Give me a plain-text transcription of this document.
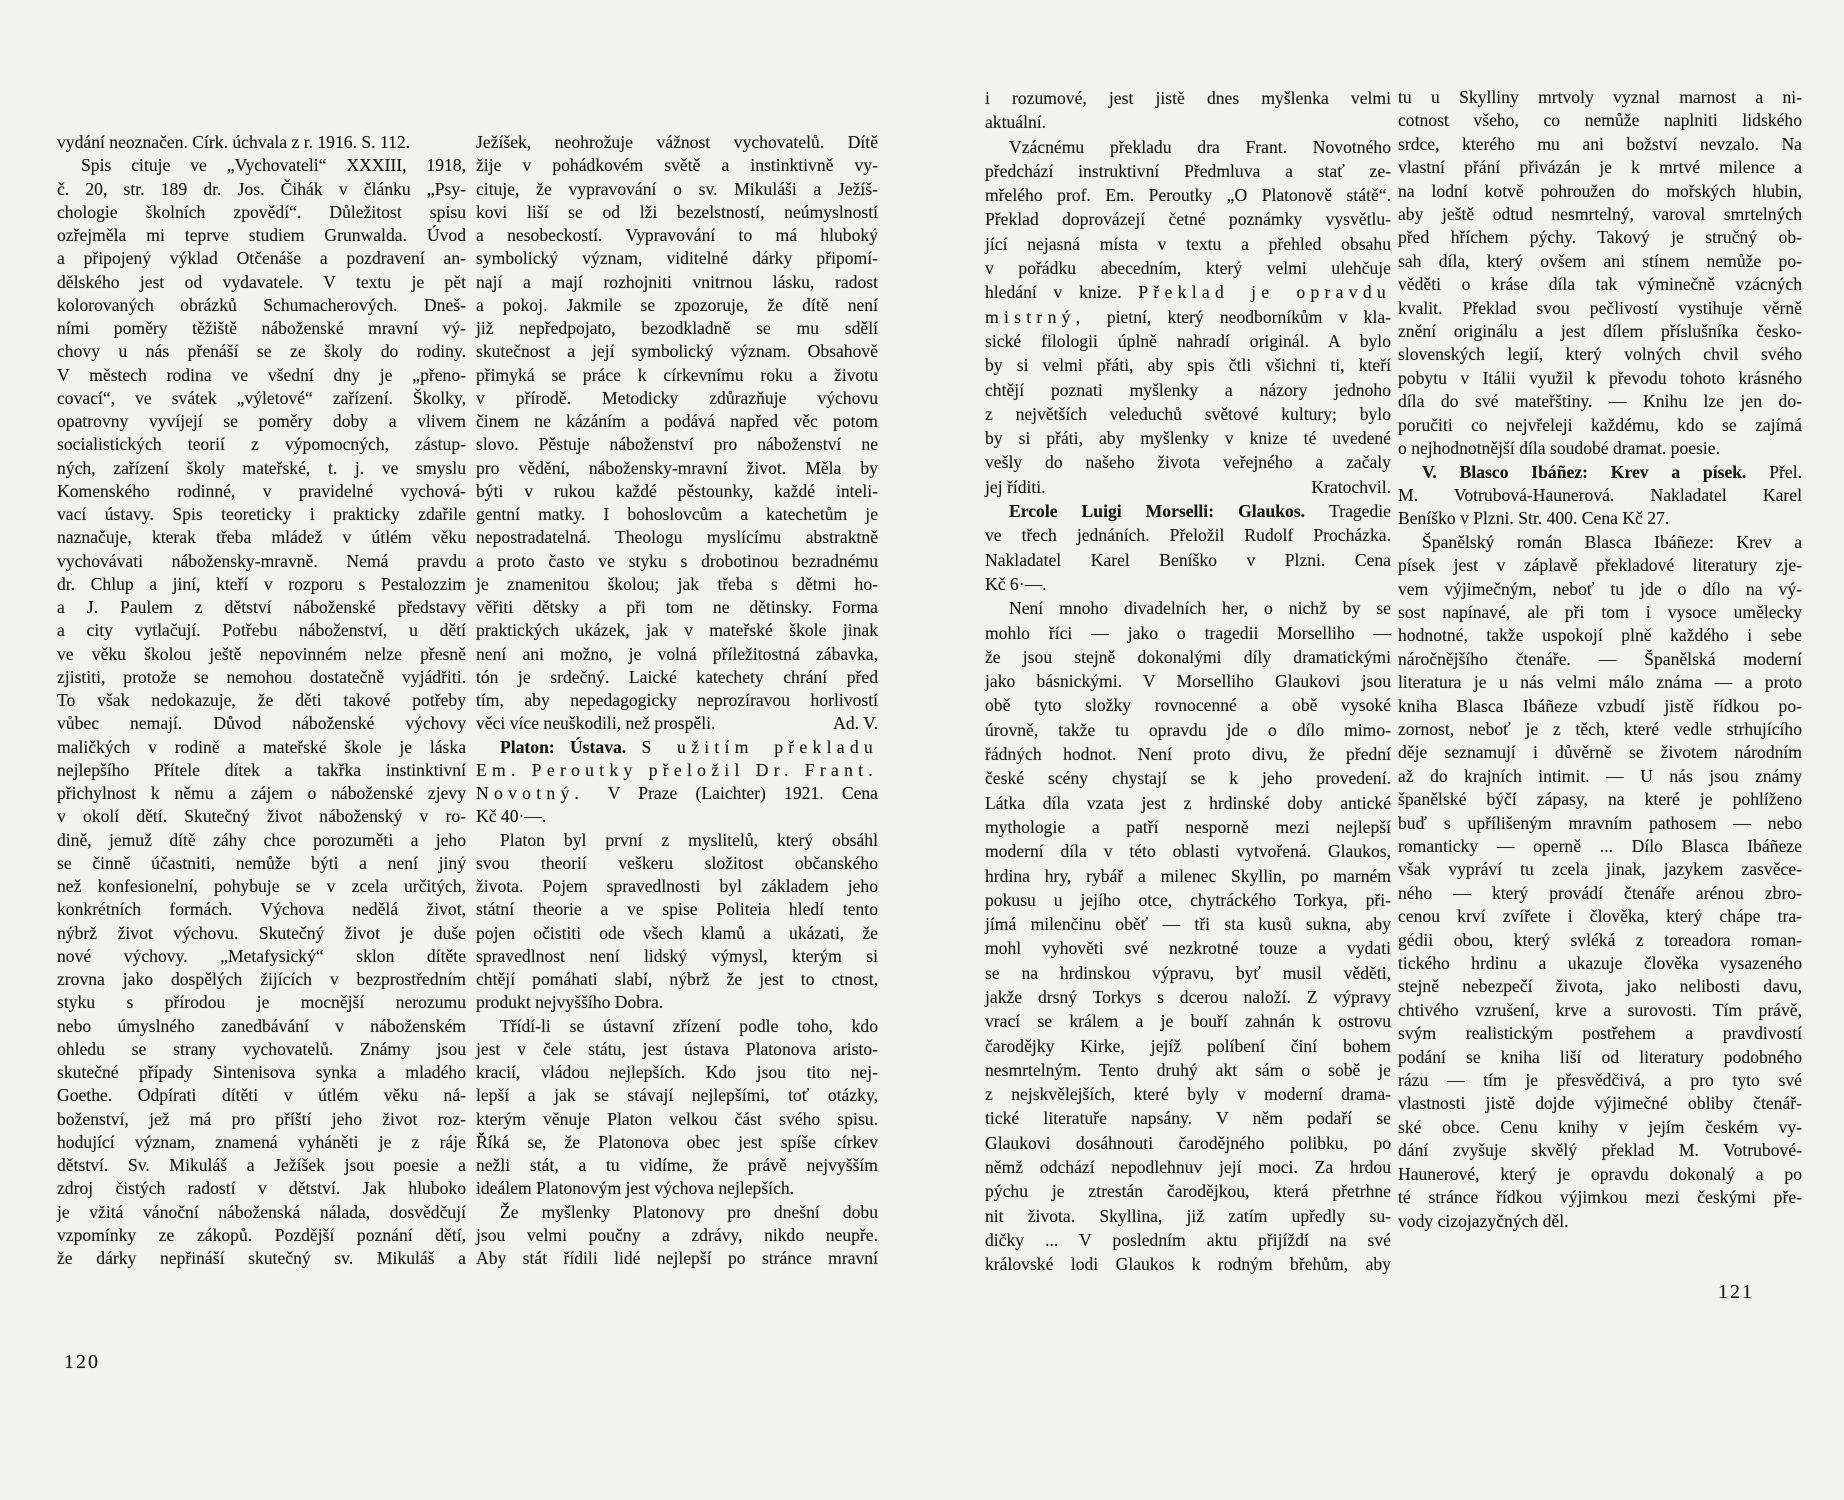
vydání neoznačen. Círk. úchvala z r. 1916. S. 112.
Spis cituje ve „Vychovateli“ XXXIII, 1918,
č. 20, str. 189 dr. Jos. Čihák v článku „Psy-
chologie školních zpovědí“. Důležitost spisu
ozřejměla mi teprve studiem Grunwalda. Úvod
a připojený výklad Otčenáše a pozdravení an-
dělského jest od vydavatele. V textu je pět
kolorovaných obrázků Schumacherových. Dneš-
ními poměry těžiště náboženské mravní vý-
chovy u nás přenáší se ze školy do rodiny.
V městech rodina ve všední dny je „přeno-
covací“, ve svátek „výletové“ zařízení. Školky,
opatrovny vyvíjejí se poměry doby a vlivem
socialistických teorií z výpomocných, zástup-
ných, zařízení školy mateřské, t. j. ve smyslu
Komenského rodinné, v pravidelné vychová-
vací ústavy. Spis teoreticky i prakticky zdařile
naznačuje, kterak třeba mládež v útlém věku
vychovávati nábožensky-mravně. Nemá pravdu
dr. Chlup a jiní, kteří v rozporu s Pestalozzim
a J. Paulem z dětství náboženské představy
a city vytlačují. Potřebu náboženství, u dětí
ve věku školou ještě nepovinném nelze přesně
zjistiti, protože se nemohou dostatečně vyjádřiti.
To však nedokazuje, že děti takové potřeby
vůbec nemají. Důvod náboženské výchovy
maličkých v rodině a mateřské škole je láska
nejlepšího Přítele dítek a takřka instinktivní
přichylnost k němu a zájem o náboženské zjevy
v okolí dětí. Skutečný život náboženský v ro-
dině, jemuž dítě záhy chce porozuměti a jeho
se činně účastniti, nemůže býti a není jiný
než konfesionelní, pohybuje se v zcela určitých,
konkrétních formách. Výchova nedělá život,
nýbrž život výchovu. Skutečný život je duše
nové výchovy. „Metafysický“ sklon dítěte
zrovna jako dospělých žijících v bezprostředním
styku s přírodou je mocnější nerozumu
nebo úmyslného zanedbávání v náboženském
ohledu se strany vychovatelů. Známy jsou
skutečné případy Sintenisova synka a mladého
Goethe. Odpírati dítěti v útlém věku ná-
boženství, jež má pro příští jeho život roz-
hodující význam, znamená vyháněti je z ráje
dětství. Sv. Mikuláš a Ježíšek jsou poesie a
zdroj čistých radostí v dětství. Jak hluboko
je vžitá vánoční náboženská nálada, dosvědčují
vzpomínky ze zákopů. Pozdější poznání dětí,
že dárky nepřináší skutečný sv. Mikuláš a
Ježíšek, neohrožuje vážnost vychovatelů. Dítě
žije v pohádkovém světě a instinktivně vy-
cituje, že vypravování o sv. Mikuláši a Ježíš-
kovi liší se od lži bezelstností, neúmyslností
a nesobeckostí. Vypravování to má hluboký
symbolický význam, viditelné dárky připomí-
nají a mají rozhojniti vnitrnou lásku, radost
a pokoj. Jakmile se zpozoruje, že dítě není
již nepředpojato, bezodkladně se mu sdělí
skutečnost a její symbolický význam. Obsahově
přimyká se práce k církevnímu roku a životu
v přírodě. Metodicky zdůrazňuje výchovu
činem ne kázáním a podává napřed věc potom
slovo. Pěstuje náboženství pro náboženství ne
pro vědění, nábožensky-mravní život. Měla by
býti v rukou každé pěstounky, každé inteli-
gentní matky. I bohoslovcům a katechetům je
nepostradatelná. Theologu myslícímu abstraktně
a proto často ve styku s drobotinou bezradnému
je znamenitou školou; jak třeba s dětmi ho-
věřiti dětsky a při tom ne dětinsky. Forma
praktických ukázek, jak v mateřské škole jinak
není ani možno, je volná příležitostná zábavka,
tón je srdečný. Laické katechety chrání před
tím, aby nepedagogicky neprozíravou horlivostí
věci více neuškodili, než prospěli.	Ad. V.
Platon: Ústava. S užitím překladu
Em. Peroutky přeložil Dr. Frant.
Novotný. V Praze (Laichter) 1921. Cena
Kč 40·—.
Platon byl první z myslitelů, který obsáhl
svou theorií veškeru složitost občanského
života. Pojem spravedlnosti byl základem jeho
státní theorie a ve spise Politeia hledí tento
pojen očistiti ode všech klamů a ukázati, že
spravedlnost není lidský výmysl, kterým si
chtějí pomáhati slabí, nýbrž že jest to ctnost,
produkt nejvyššího Dobra.
Třídí-li se ústavní zřízení podle toho, kdo
jest v čele státu, jest ústava Platonova aristo-
kracií, vládou nejlepších. Kdo jsou tito nej-
lepší a jak se stávají nejlepšími, toť otázky,
kterým věnuje Platon velkou část svého spisu.
Říká se, že Platonova obec jest spíše církev
nežli stát, a tu vidíme, že právě nejvyšším
ideálem Platonovým jest výchova nejlepších.
Že myšlenky Platonovy pro dnešní dobu
jsou velmi poučny a zdrávy, nikdo neupře.
Aby stát řídili lidé nejlepší po stránce mravní
120
i rozumové, jest jistě dnes myšlenka velmi
aktuální.
Vzácnému překladu dra Frant. Novotného
předchází instruktivní Předmluva a stať ze-
mřelého prof. Em. Peroutky „O Platonově státě“.
Překlad doprovázejí četné poznámky vysvětlu-
jící nejasná místa v textu a přehled obsahu
v pořádku abecedním, který velmi ulehčuje
hledání v knize. Překlad je opravdu
mistrný, pietní, který neodborníkům v kla-
sické filologii úplně nahradí originál. A bylo
by si velmi přáti, aby spis čtli všichni ti, kteří
chtějí poznati myšlenky a názory jednoho
z největších veleduchů světové kultury; bylo
by si přáti, aby myšlenky v knize té uvedené
vešly do našeho života veřejného a začaly
jej říditi.	Kratochvil.
Ercole Luigi Morselli: Glaukos. Tragedie
ve třech jednáních. Přeložil Rudolf Procházka.
Nakladatel Karel Beníško v Plzni. Cena
Kč 6·—.
Není mnoho divadelních her, o nichž by se
mohlo říci — jako o tragedii Morselliho —
že jsou stejně dokonalými díly dramatickými
jako básnickými. V Morselliho Glaukovi jsou
obě tyto složky rovnocenné a obě vysoké
úrovně, takže tu opravdu jde o dílo mimo-
řádných hodnot. Není proto divu, že přední
české scény chystají se k jeho provedení.
Látka díla vzata jest z hrdinské doby antické
mythologie a patří nesporně mezi nejlepší
moderní díla v této oblasti vytvořená. Glaukos,
hrdina hry, rybář a milenec Skyllin, po marném
pokusu u jejího otce, chytráckého Torkya, při-
jímá milenčinu oběť — tři sta kusů sukna, aby
mohl vyhověti své nezkrotné touze a vydati
se na hrdinskou výpravu, byť musil věděti,
jakže drsný Torkys s dcerou naloží. Z výpravy
vrací se králem a je bouří zahnán k ostrovu
čarodějky Kirke, jejíž políbení činí bohem
nesmrtelným. Tento druhý akt sám o sobě je
z nejskvělejších, které byly v moderní drama-
tické literatuře napsány. V něm podaří se
Glaukovi dosáhnouti čarodějného polibku, po
němž odchází nepodlehnuv její moci. Za hrdou
pýchu je ztrestán čarodějkou, která přetrhne
nit života. Skyllina, již zatím upředly su-
dičky ... V posledním aktu přijíždí na své
královské lodi Glaukos k rodným břehům, aby
tu u Skylliny mrtvoly vyznal marnost a ni-
cotnost všeho, co nemůže naplniti lidského
srdce, kterého mu ani božství nevzalo. Na
vlastní přání přivázán je k mrtvé milence a
na lodní kotvě pohroužen do mořských hlubin,
aby ještě odtud nesmrtelný, varoval smrtelných
před hříchem pýchy. Takový je stručný ob-
sah díla, který ovšem ani stínem nemůže po-
věděti o kráse díla tak výminečně vzácných
kvalit. Překlad svou pečlivostí vystihuje věrně
znění originálu a jest dílem příslušníka česko-
slovenských legií, který volných chvil svého
pobytu v Itálii využil k převodu tohoto krásného
díla do své mateřštiny. — Knihu lze jen do-
poručiti co nejvřeleji každému, kdo se zajímá
o nejhodnotnější díla soudobé dramat. poesie.
V. Blasco Ibáñez: Krev a písek. Přel.
M. Votrubová-Haunerová. Nakladatel Karel
Beníško v Plzni. Str. 400. Cena Kč 27.
Španělský román Blasca Ibáñeze: Krev a
písek jest v záplavě překladové literatury zje-
vem výjimečným, neboť tu jde o dílo na vý-
sost napínavé, ale při tom i vysoce umělecky
hodnotné, takže uspokojí plně každého i sebe
náročnějšího čtenáře. — Španělská moderní
literatura je u nás velmi málo známa — a proto
kniha Blasca Ibáñeze vzbudí jistě řídkou po-
zornost, neboť je z těch, které vedle strhujícího
děje seznamují i důvěrně se životem národním
až do krajních intimit. — U nás jsou známy
španělské býčí zápasy, na které je pohlíženo
buď s upřílišeným mravním pathosem — nebo
romanticky — operně ... Dílo Blasca Ibáñeze
však vypráví tu zcela jinak, jazykem zasvěce-
ného — který provádí čtenáře arénou zbro-
cenou krví zvířete i člověka, který chápe tra-
gédii obou, který svléká z toreadora roman-
tického hrdinu a ukazuje člověka vysazeného
stejně nebezpečí života, jako nelibosti davu,
chtivého vzrušení, krve a surovosti. Tím právě,
svým realistickým postřehem a pravdivostí
podání se kniha liší od literatury podobného
rázu — tím je přesvědčivá, a pro tyto své
vlastnosti jistě dojde výjimečné obliby čtenář-
ské obce. Cenu knihy v jejím českém vy-
dání zvyšuje skvělý překlad M. Votrubové-
Haunerové, který je opravdu dokonalý a po
té stránce řídkou výjimkou mezi českými pře-
vody cizojazyčných děl.
121
